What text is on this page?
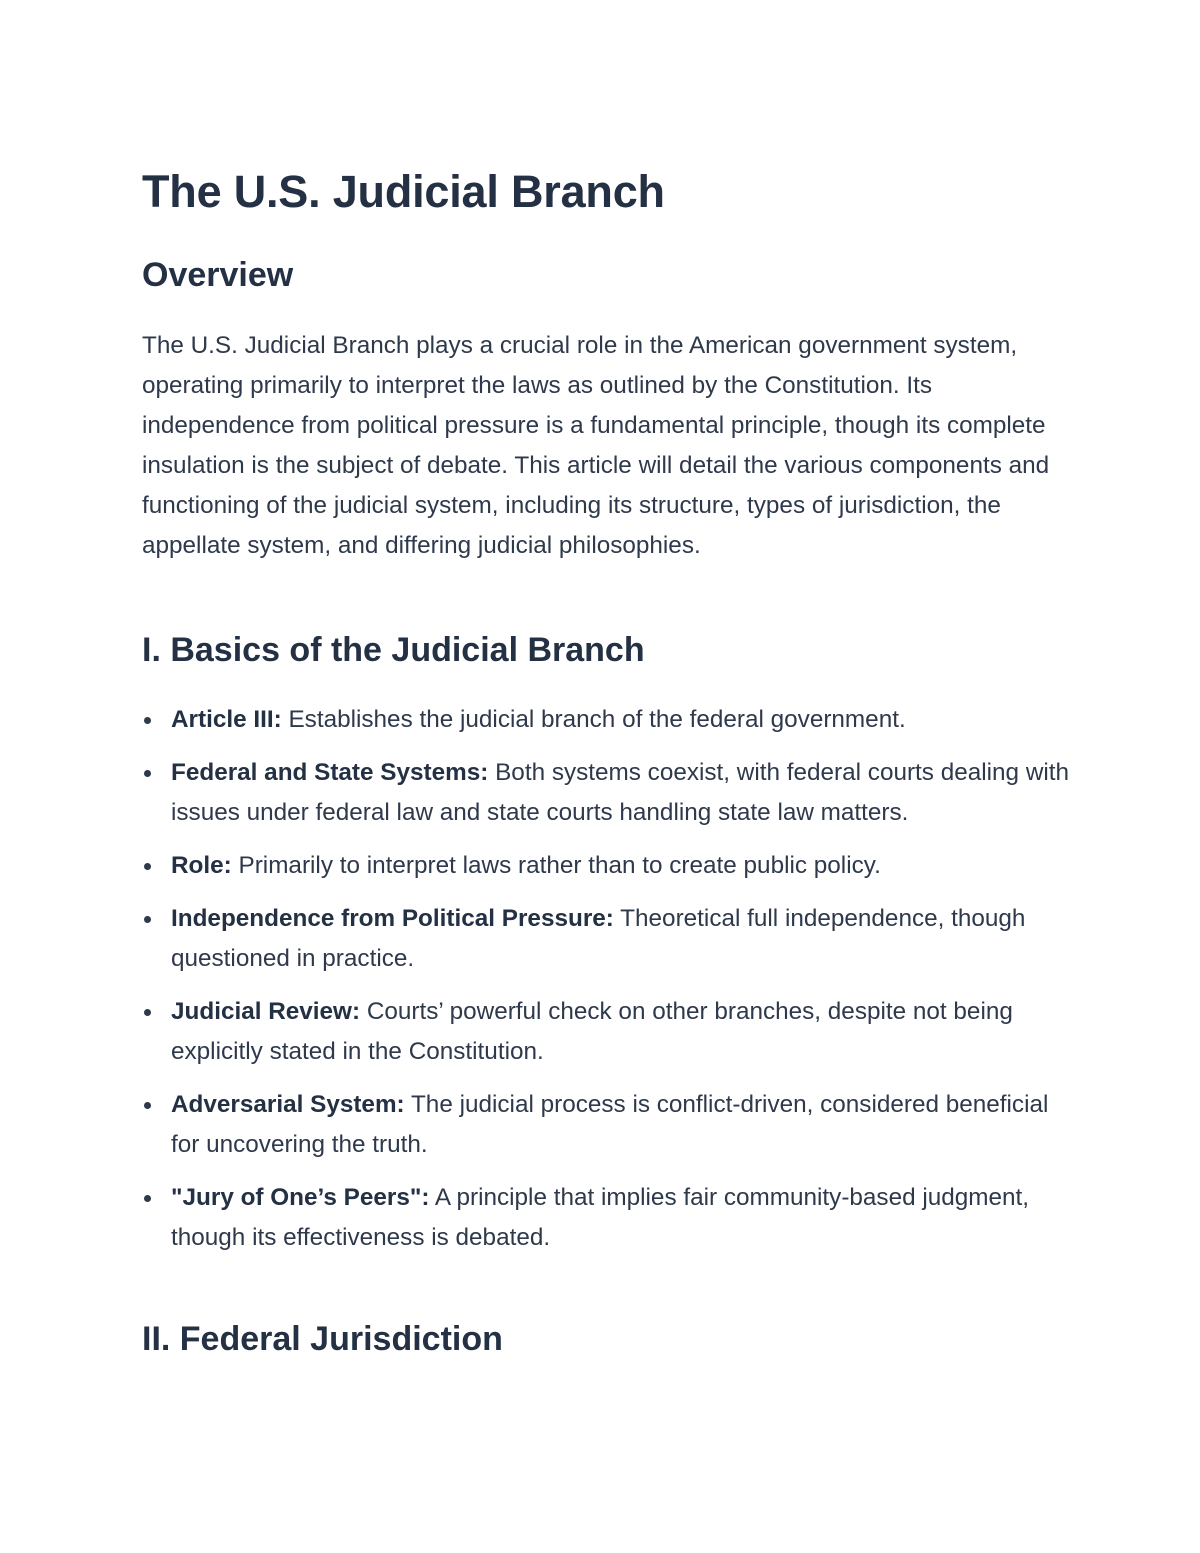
The U.S. Judicial Branch
Overview

The U.S. Judicial Branch plays a crucial role in the American government system, operating primarily to interpret the laws as outlined by the Constitution. Its independence from political pressure is a fundamental principle, though its complete insulation is the subject of debate. This article will detail the various components and functioning of the judicial system, including its structure, types of jurisdiction, the appellate system, and differing judicial philosophies.

I. Basics of the Judicial Branch
Article III: Establishes the judicial branch of the federal government.
Federal and State Systems: Both systems coexist, with federal courts dealing with issues under federal law and state courts handling state law matters.
Role: Primarily to interpret laws rather than to create public policy.
Independence from Political Pressure: Theoretical full independence, though questioned in practice.
Judicial Review: Courts’ powerful check on other branches, despite not being explicitly stated in the Constitution.
Adversarial System: The judicial process is conflict-driven, considered beneficial for uncovering the truth.
"Jury of One’s Peers": A principle that implies fair community-based judgment, though its effectiveness is debated.
II. Federal Jurisdiction
